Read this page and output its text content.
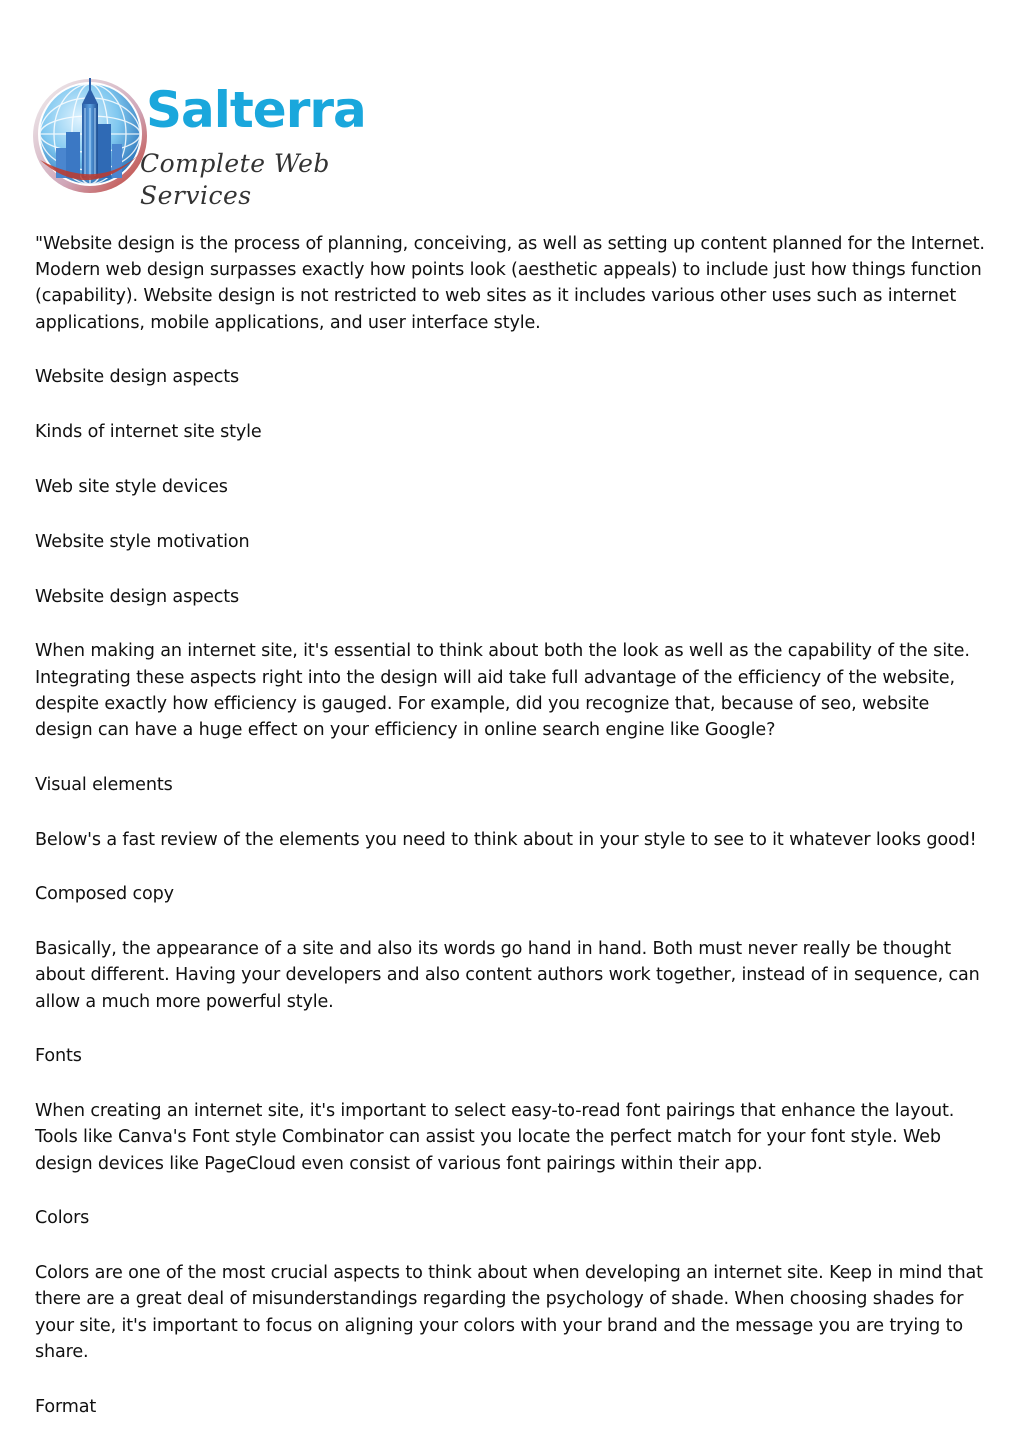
Salterra
Complete Web Services

"Website design is the process of planning, conceiving, as well as setting up content planned for the Internet. Modern web design surpasses exactly how points look (aesthetic appeals) to include just how things function (capability). Website design is not restricted to web sites as it includes various other uses such as internet applications, mobile applications, and user interface style.

Website design aspects

Kinds of internet site style

Web site style devices

Website style motivation

Website design aspects

When making an internet site, it's essential to think about both the look as well as the capability of the site. Integrating these aspects right into the design will aid take full advantage of the efficiency of the website, despite exactly how efficiency is gauged. For example, did you recognize that, because of seo, website design can have a huge effect on your efficiency in online search engine like Google?

Visual elements

Below's a fast review of the elements you need to think about in your style to see to it whatever looks good!

Composed copy

Basically, the appearance of a site and also its words go hand in hand. Both must never really be thought about different. Having your developers and also content authors work together, instead of in sequence, can allow a much more powerful style.

Fonts

When creating an internet site, it's important to select easy-to-read font pairings that enhance the layout. Tools like Canva's Font style Combinator can assist you locate the perfect match for your font style. Web design devices like PageCloud even consist of various font pairings within their app.

Colors

Colors are one of the most crucial aspects to think about when developing an internet site. Keep in mind that there are a great deal of misunderstandings regarding the psychology of shade. When choosing shades for your site, it's important to focus on aligning your colors with your brand and the message you are trying to share.

Format
